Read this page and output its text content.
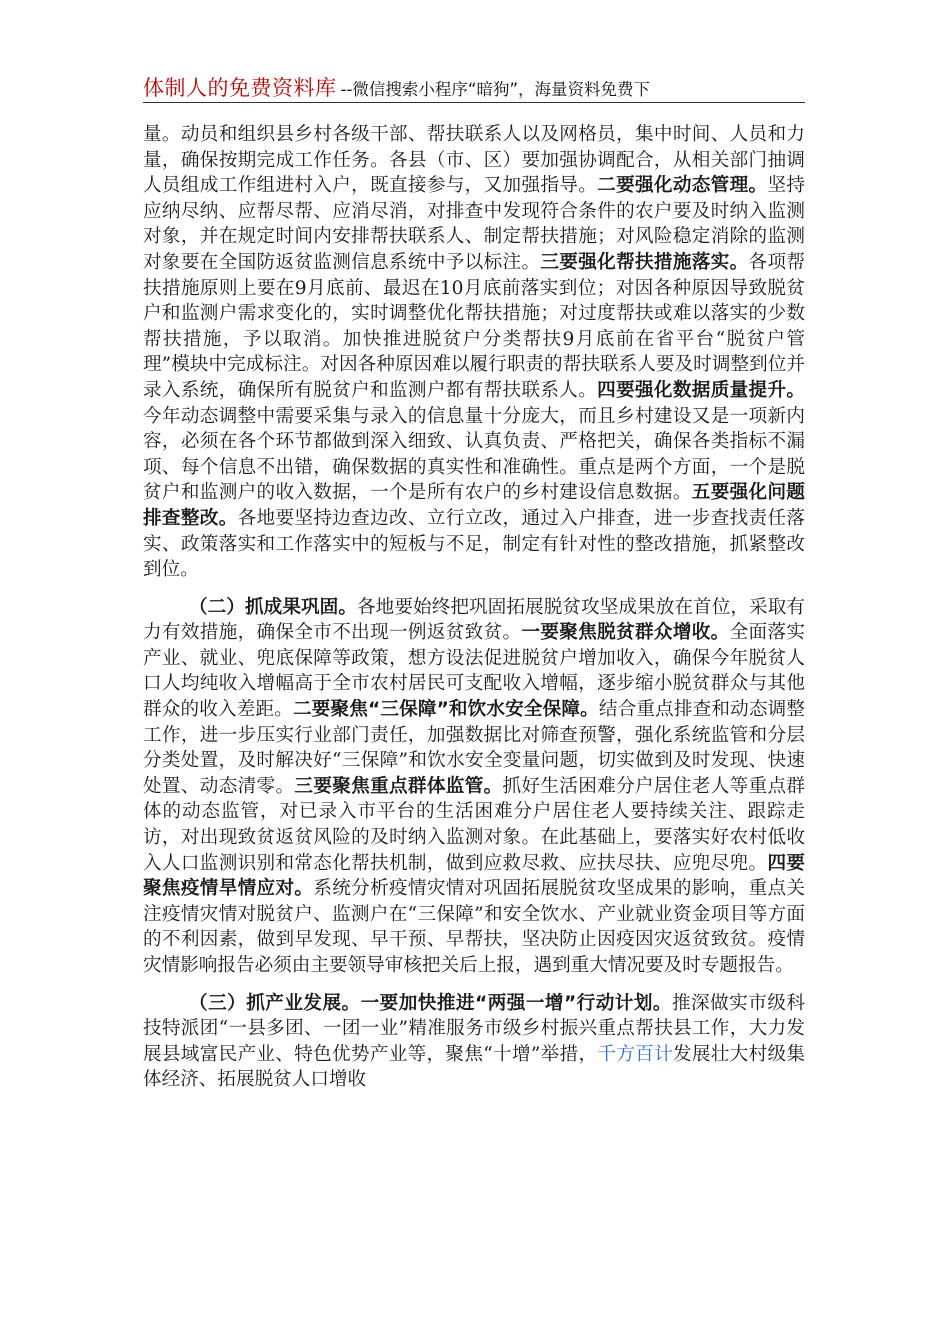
体制人的免费资料库 --微信搜索小程序“暗狗”，海量资料免费下

量。动员和组织县乡村各级干部、帮扶联系人以及网格员，集中时间、人员和力量，确保按期完成工作任务。各县（市、区）要加强协调配合，从相关部门抽调人员组成工作组进村入户，既直接参与，又加强指导。二要强化动态管理。坚持应纳尽纳、应帮尽帮、应消尽消，对排查中发现符合条件的农户要及时纳入监测对象，并在规定时间内安排帮扶联系人、制定帮扶措施；对风险稳定消除的监测对象要在全国防返贫监测信息系统中予以标注。三要强化帮扶措施落实。各项帮扶措施原则上要在9月底前、最迟在10月底前落实到位；对因各种原因导致脱贫户和监测户需求变化的，实时调整优化帮扶措施；对过度帮扶或难以落实的少数帮扶措施，予以取消。加快推进脱贫户分类帮扶9月底前在省平台“脱贫户管理”模块中完成标注。对因各种原因难以履行职责的帮扶联系人要及时调整到位并录入系统，确保所有脱贫户和监测户都有帮扶联系人。四要强化数据质量提升。今年动态调整中需要采集与录入的信息量十分庞大，而且乡村建设又是一项新内容，必须在各个环节都做到深入细致、认真负责、严格把关，确保各类指标不漏项、每个信息不出错，确保数据的真实性和准确性。重点是两个方面，一个是脱贫户和监测户的收入数据，一个是所有农户的乡村建设信息数据。五要强化问题排查整改。各地要坚持边查边改、立行立改，通过入户排查，进一步查找责任落实、政策落实和工作落实中的短板与不足，制定有针对性的整改措施，抓紧整改到位。

（二）抓成果巩固。各地要始终把巩固拓展脱贫攻坚成果放在首位，采取有力有效措施，确保全市不出现一例返贫致贫。一要聚焦脱贫群众增收。全面落实产业、就业、兜底保障等政策，想方设法促进脱贫户增加收入，确保今年脱贫人口人均纯收入增幅高于全市农村居民可支配收入增幅，逐步缩小脱贫群众与其他群众的收入差距。二要聚焦“三保障”和饮水安全保障。结合重点排查和动态调整工作，进一步压实行业部门责任，加强数据比对筛查预警，强化系统监管和分层分类处置，及时解决好“三保障”和饮水安全变量问题，切实做到及时发现、快速处置、动态清零。三要聚焦重点群体监管。抓好生活困难分户居住老人等重点群体的动态监管，对已录入市平台的生活困难分户居住老人要持续关注、跟踪走访，对出现致贫返贫风险的及时纳入监测对象。在此基础上，要落实好农村低收入人口监测识别和常态化帮扶机制，做到应救尽救、应扶尽扶、应兜尽兜。四要聚焦疫情旱情应对。系统分析疫情灾情对巩固拓展脱贫攻坚成果的影响，重点关注疫情灾情对脱贫户、监测户在“三保障”和安全饮水、产业就业资金项目等方面的不利因素，做到早发现、早干预、早帮扶，坚决防止因疫因灾返贫致贫。疫情灾情影响报告必须由主要领导审核把关后上报，遇到重大情况要及时专题报告。

（三）抓产业发展。一要加快推进“两强一增”行动计划。推深做实市级科技特派团“一县多团、一团一业”精准服务市级乡村振兴重点帮扶县工作，大力发展县域富民产业、特色优势产业等，聚焦“十增”举措，千方百计发展壮大村级集体经济、拓展脱贫人口增收
